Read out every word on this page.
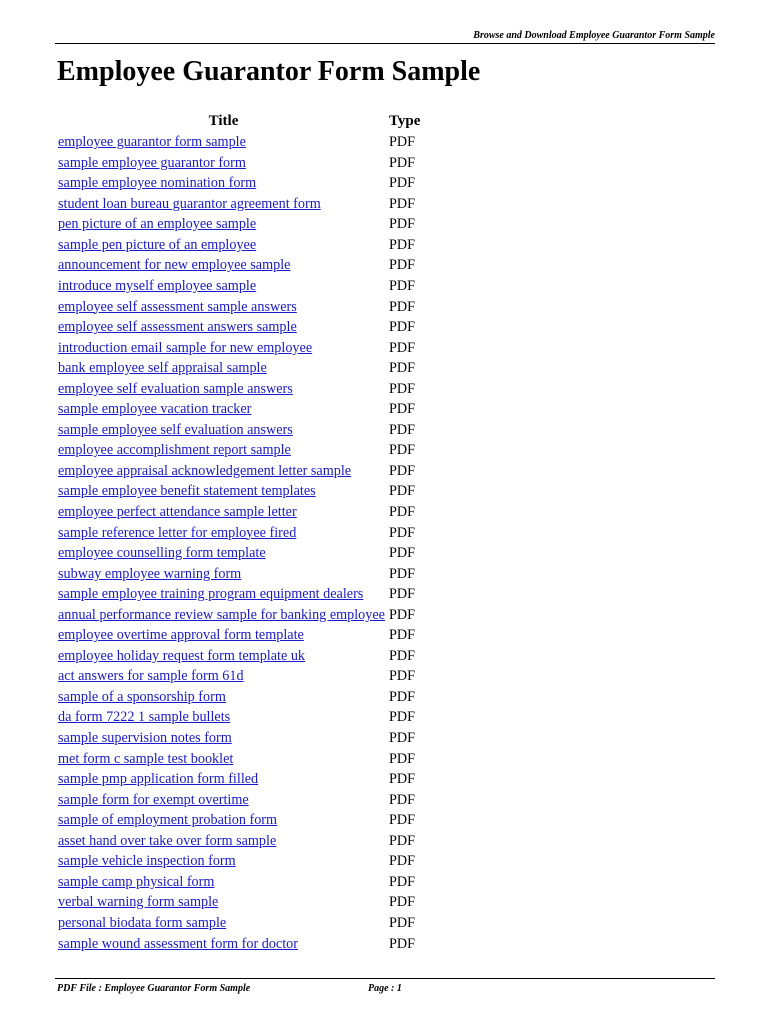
Browse and Download Employee Guarantor Form Sample
Employee Guarantor Form Sample
Title	Type
employee guarantor form sample	PDF
sample employee guarantor form	PDF
sample employee nomination form	PDF
student loan bureau guarantor agreement form	PDF
pen picture of an employee sample	PDF
sample pen picture of an employee	PDF
announcement for new employee sample	PDF
introduce myself employee sample	PDF
employee self assessment sample answers	PDF
employee self assessment answers sample	PDF
introduction email sample for new employee	PDF
bank employee self appraisal sample	PDF
employee self evaluation sample answers	PDF
sample employee vacation tracker	PDF
sample employee self evaluation answers	PDF
employee accomplishment report sample	PDF
employee appraisal acknowledgement letter sample	PDF
sample employee benefit statement templates	PDF
employee perfect attendance sample letter	PDF
sample reference letter for employee fired	PDF
employee counselling form template	PDF
subway employee warning form	PDF
sample employee training program equipment dealers	PDF
annual performance review sample for banking employee	PDF
employee overtime approval form template	PDF
employee holiday request form template uk	PDF
act answers for sample form 61d	PDF
sample of a sponsorship form	PDF
da form 7222 1 sample bullets	PDF
sample supervision notes form	PDF
met form c sample test booklet	PDF
sample pmp application form filled	PDF
sample form for exempt overtime	PDF
sample of employment probation form	PDF
asset hand over take over form sample	PDF
sample vehicle inspection form	PDF
sample camp physical form	PDF
verbal warning form sample	PDF
personal biodata form sample	PDF
sample wound assessment form for doctor	PDF
PDF File : Employee Guarantor Form Sample	Page : 1
